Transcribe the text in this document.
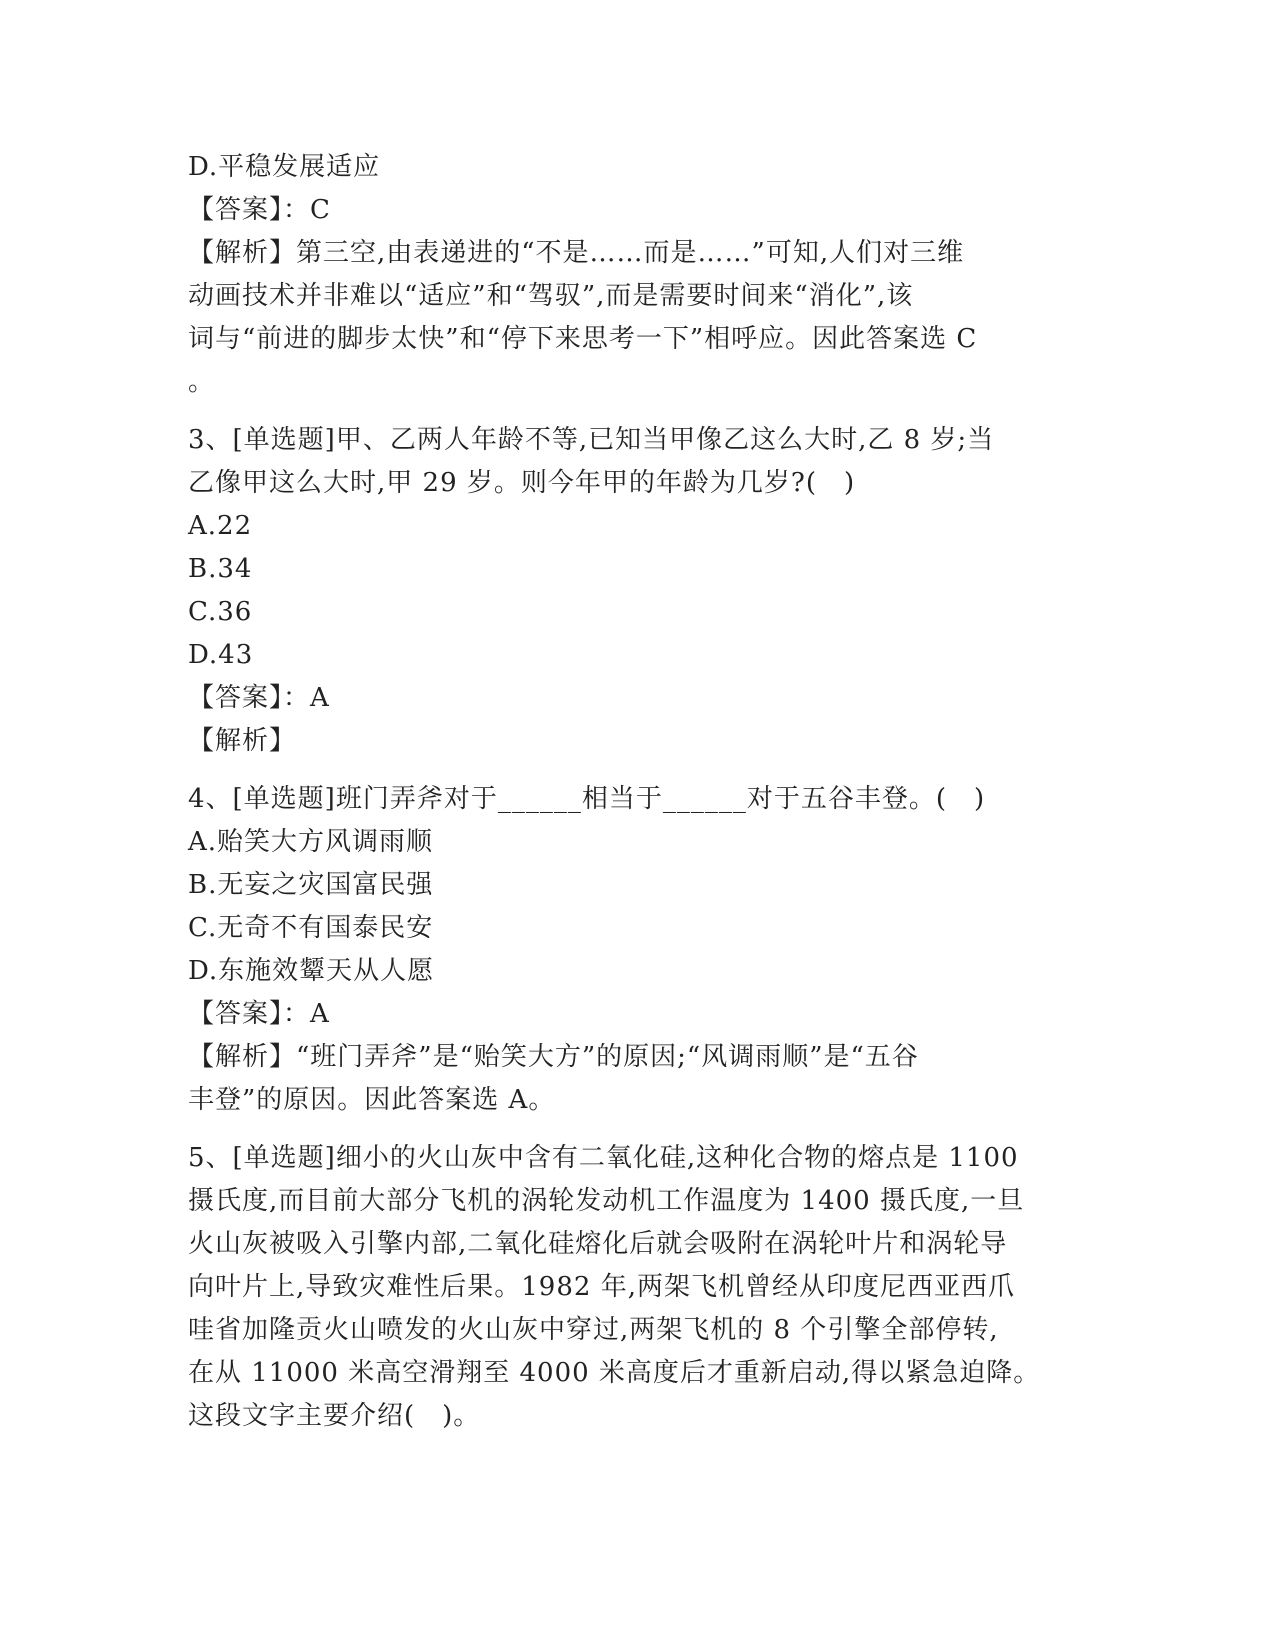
D.平稳发展适应
【答案】：C
【解析】第三空,由表递进的“不是……而是……”可知,人们对三维
动画技术并非难以“适应”和“驾驭”,而是需要时间来“消化”,该
词与“前进的脚步太快”和“停下来思考一下”相呼应。因此答案选 C
。
3、[单选题]甲、乙两人年龄不等,已知当甲像乙这么大时,乙 8 岁;当
乙像甲这么大时,甲 29 岁。则今年甲的年龄为几岁?(　)
A.22
B.34
C.36
D.43
【答案】：A
【解析】
4、[单选题]班门弄斧对于______相当于______对于五谷丰登。(　)
A.贻笑大方风调雨顺
B.无妄之灾国富民强
C.无奇不有国泰民安
D.东施效颦天从人愿
【答案】：A
【解析】“班门弄斧”是“贻笑大方”的原因;“风调雨顺”是“五谷
丰登”的原因。因此答案选 A。
5、[单选题]细小的火山灰中含有二氧化硅,这种化合物的熔点是 1100
摄氏度,而目前大部分飞机的涡轮发动机工作温度为 1400 摄氏度,一旦
火山灰被吸入引擎内部,二氧化硅熔化后就会吸附在涡轮叶片和涡轮导
向叶片上,导致灾难性后果。1982 年,两架飞机曾经从印度尼西亚西爪
哇省加隆贡火山喷发的火山灰中穿过,两架飞机的 8 个引擎全部停转,
在从 11000 米高空滑翔至 4000 米高度后才重新启动,得以紧急迫降。
这段文字主要介绍(　)。
